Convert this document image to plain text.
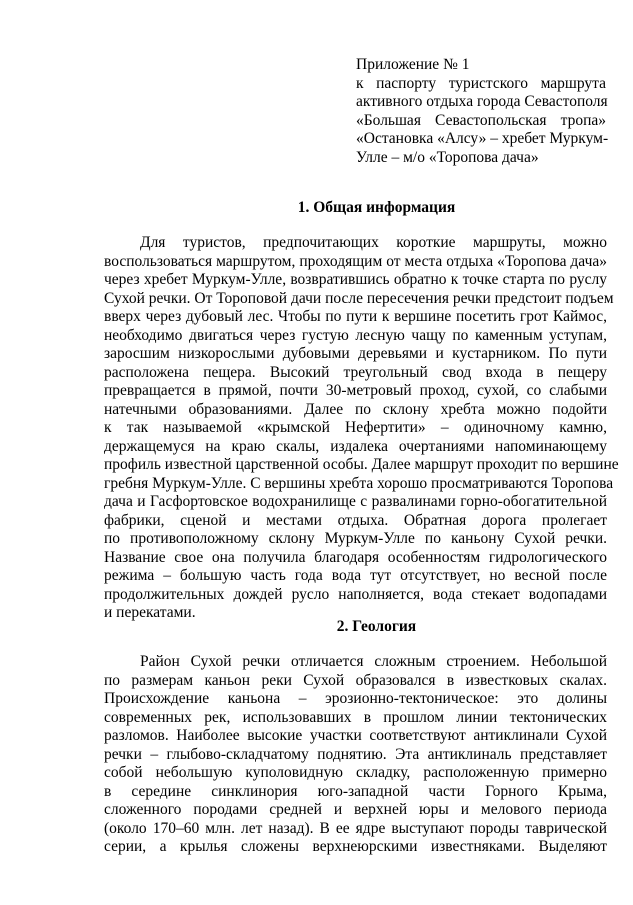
Приложение № 1
к паспорту туристского маршрута
активного отдыха города Севастополя
«Большая Севастопольская тропа»
«Остановка «Алсу» – хребет Муркум-
Улле – м/о «Торопова дача»
1. Общая информация
Для туристов, предпочитающих короткие маршруты, можно
воспользоваться маршрутом, проходящим от места отдыха «Торопова дача»
через хребет Муркум-Улле, возвратившись обратно к точке старта по руслу
Сухой речки. От Тороповой дачи после пересечения речки предстоит подъем
вверх через дубовый лес. Чтобы по пути к вершине посетить грот Каймос,
необходимо двигаться через густую лесную чащу по каменным уступам,
заросшим низкорослыми дубовыми деревьями и кустарником. По пути
расположена пещера. Высокий треугольный свод входа в пещеру
превращается в прямой, почти 30-метровый проход, сухой, со слабыми
натечными образованиями. Далее по склону хребта можно подойти
к так называемой «крымской Нефертити» – одиночному камню,
держащемуся на краю скалы, издалека очертаниями напоминающему
профиль известной царственной особы. Далее маршрут проходит по вершине
гребня Муркум-Улле. С вершины хребта хорошо просматриваются Торопова
дача и Гасфортовское водохранилище с развалинами горно-обогатительной
фабрики, сценой и местами отдыха. Обратная дорога пролегает
по противоположному склону Муркум-Улле по каньону Сухой речки.
Название свое она получила благодаря особенностям гидрологического
режима – большую часть года вода тут отсутствует, но весной после
продолжительных дождей русло наполняется, вода стекает водопадами
и перекатами.
2. Геология
Район Сухой речки отличается сложным строением. Небольшой
по размерам каньон реки Сухой образовался в известковых скалах.
Происхождение каньона – эрозионно-тектоническое: это долины
современных рек, использовавших в прошлом линии тектонических
разломов. Наиболее высокие участки соответствуют антиклинали Сухой
речки – глыбово-складчатому поднятию. Эта антиклиналь представляет
собой небольшую куполовидную складку, расположенную примерно
в середине синклинория юго-западной части Горного Крыма,
сложенного породами средней и верхней юры и мелового периода
(около 170–60 млн. лет назад). В ее ядре выступают породы таврической
серии, а крылья сложены верхнеюрскими известняками. Выделяют
